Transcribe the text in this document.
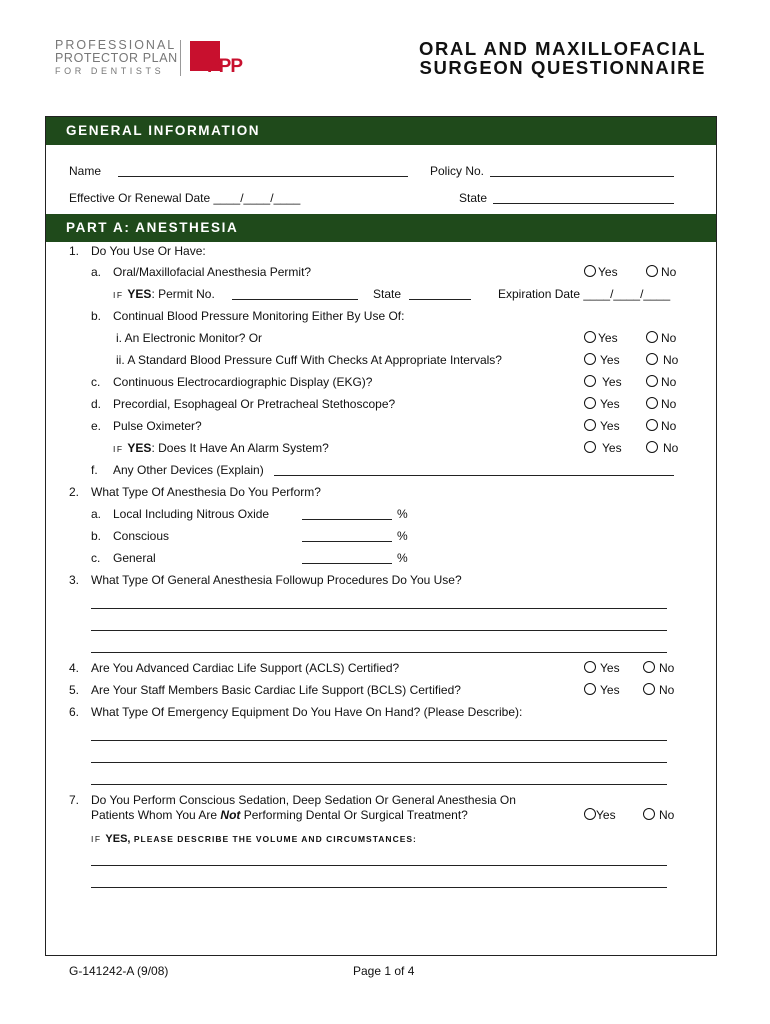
PROFESSIONAL
PROTECTOR PLAN
FOR DENTISTS PPP
ORAL AND MAXILLOFACIAL
SURGEON QUESTIONNAIRE
GENERAL INFORMATION
Name	Policy No.
Effective Or Renewal Date ____/____/____	State
PART A: ANESTHESIA
1. Do You Use Or Have:
a. Oral/Maxillofacial Anesthesia Permit?	Yes	No
IF YES: Permit No.	State	Expiration Date ____/____/____
b. Continual Blood Pressure Monitoring Either By Use Of:
i. An Electronic Monitor? Or	Yes	No
ii. A Standard Blood Pressure Cuff With Checks At Appropriate Intervals?	Yes	No
c. Continuous Electrocardiographic Display (EKG)?	Yes	No
d. Precordial, Esophageal Or Pretracheal Stethoscope?	Yes	No
e. Pulse Oximeter?	Yes	No
IF YES: Does It Have An Alarm System?	Yes	No
f. Any Other Devices (Explain)
2. What Type Of Anesthesia Do You Perform?
a. Local Including Nitrous Oxide	%
b. Conscious	%
c. General	%
3. What Type Of General Anesthesia Followup Procedures Do You Use?
4. Are You Advanced Cardiac Life Support (ACLS) Certified?	Yes	No
5. Are Your Staff Members Basic Cardiac Life Support (BCLS) Certified?	Yes	No
6. What Type Of Emergency Equipment Do You Have On Hand? (Please Describe):
7. Do You Perform Conscious Sedation, Deep Sedation Or General Anesthesia On
Patients Whom You Are Not Performing Dental Or Surgical Treatment?	Yes	No
IF YES, PLEASE DESCRIBE THE VOLUME AND CIRCUMSTANCES:
G-141242-A (9/08)	Page 1 of 4
